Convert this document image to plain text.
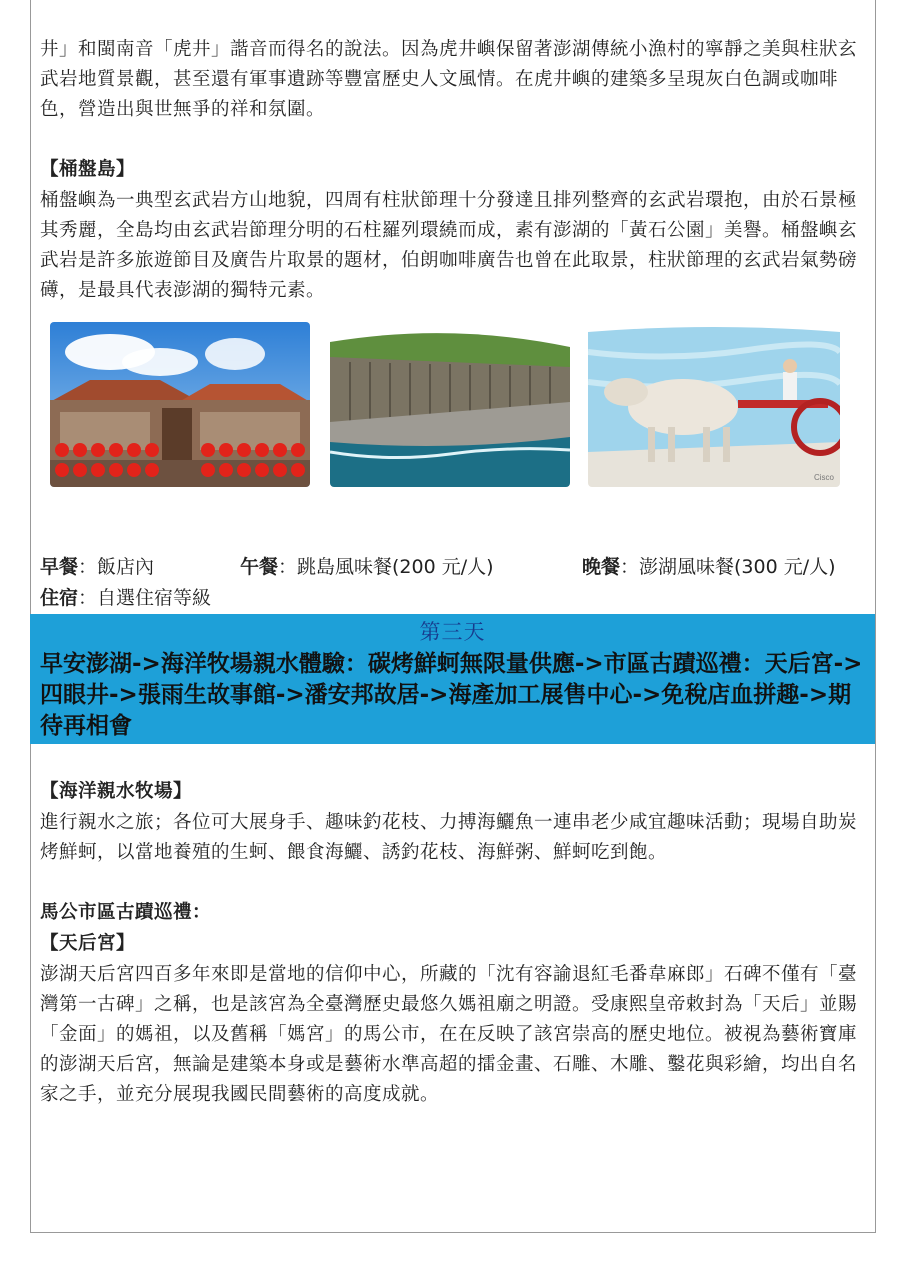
井」和閩南音「虎井」諧音而得名的說法。因為虎井嶼保留著澎湖傳統小漁村的寧靜之美與柱狀玄武岩地質景觀，甚至還有軍事遺跡等豐富歷史人文風情。在虎井嶼的建築多呈現灰白色調或咖啡色，營造出與世無爭的祥和氛圍。
【桶盤島】
桶盤嶼為一典型玄武岩方山地貌，四周有柱狀節理十分發達且排列整齊的玄武岩環抱，由於石景極其秀麗，全島均由玄武岩節理分明的石柱羅列環繞而成，素有澎湖的「黃石公園」美譽。桶盤嶼玄武岩是許多旅遊節目及廣告片取景的題材，伯朗咖啡廣告也曾在此取景，柱狀節理的玄武岩氣勢磅礡，是最具代表澎湖的獨特元素。
Cisco
早餐：飯店內	午餐：跳島風味餐(200 元/人)	晚餐：澎湖風味餐(300 元/人)
住宿：自選住宿等級
第三天
早安澎湖->海洋牧場親水體驗：碳烤鮮蚵無限量供應->市區古蹟巡禮：天后宮->四眼井->張雨生故事館->潘安邦故居->海產加工展售中心->免稅店血拼趣->期待再相會
【海洋親水牧場】
進行親水之旅；各位可大展身手、趣味釣花枝、力搏海鱺魚一連串老少咸宜趣味活動；現場自助炭烤鮮蚵，以當地養殖的生蚵、餵食海鱺、誘釣花枝、海鮮粥、鮮蚵吃到飽。
馬公市區古蹟巡禮：
【天后宮】
澎湖天后宮四百多年來即是當地的信仰中心，所藏的「沈有容諭退紅毛番韋麻郎」石碑不僅有「臺灣第一古碑」之稱，也是該宮為全臺灣歷史最悠久媽祖廟之明證。受康熙皇帝敕封為「天后」並賜「金面」的媽祖，以及舊稱「媽宮」的馬公市，在在反映了該宮崇高的歷史地位。被視為藝術寶庫的澎湖天后宮，無論是建築本身或是藝術水準高超的擂金畫、石雕、木雕、鑿花與彩繪，均出自名家之手，並充分展現我國民間藝術的高度成就。
